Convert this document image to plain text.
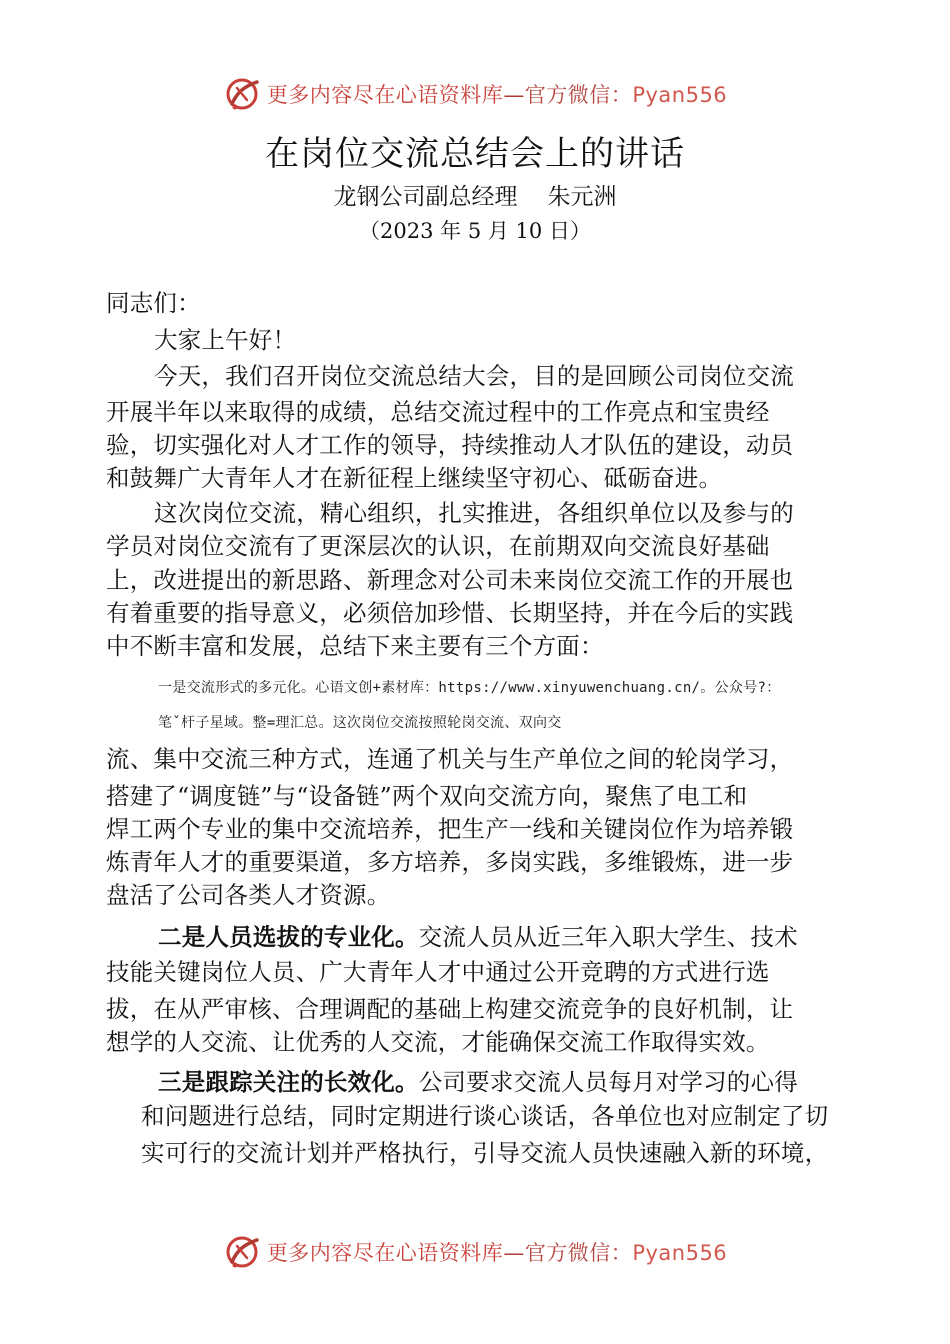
更多内容尽在心语资料库—官方微信：Pyan556
在岗位交流总结会上的讲话
龙钢公司副总经理 朱元洲
（2023 年 5 月 10 日）
同志们：
大家上午好！
今天，我们召开岗位交流总结大会，目的是回顾公司岗位交流
开展半年以来取得的成绩，总结交流过程中的工作亮点和宝贵经
验，切实强化对人才工作的领导，持续推动人才队伍的建设，动员
和鼓舞广大青年人才在新征程上继续坚守初心、砥砺奋进。
这次岗位交流，精心组织，扎实推进，各组织单位以及参与的
学员对岗位交流有了更深层次的认识，在前期双向交流良好基础
上，改进提出的新思路、新理念对公司未来岗位交流工作的开展也
有着重要的指导意义，必须倍加珍惜、长期坚持，并在今后的实践
中不断丰富和发展，总结下来主要有三个方面：
一是交流形式的多元化。心语文创+素材库：https://www.xinyuwenchuang.cn/。公众号?：
笔ˇ杆子星域。整=理汇总。这次岗位交流按照轮岗交流、双向交
流、集中交流三种方式，连通了机关与生产单位之间的轮岗学习，
搭建了“调度链”与“设备链”两个双向交流方向，聚焦了电工和
焊工两个专业的集中交流培养，把生产一线和关键岗位作为培养锻
炼青年人才的重要渠道，多方培养，多岗实践，多维锻炼，进一步
盘活了公司各类人才资源。
二是人员选拔的专业化。交流人员从近三年入职大学生、技术
技能关键岗位人员、广大青年人才中通过公开竞聘的方式进行选
拔，在从严审核、合理调配的基础上构建交流竞争的良好机制，让
想学的人交流、让优秀的人交流，才能确保交流工作取得实效。
三是跟踪关注的长效化。公司要求交流人员每月对学习的心得
和问题进行总结，同时定期进行谈心谈话，各单位也对应制定了切
实可行的交流计划并严格执行，引导交流人员快速融入新的环境，
更多内容尽在心语资料库—官方微信：Pyan556
